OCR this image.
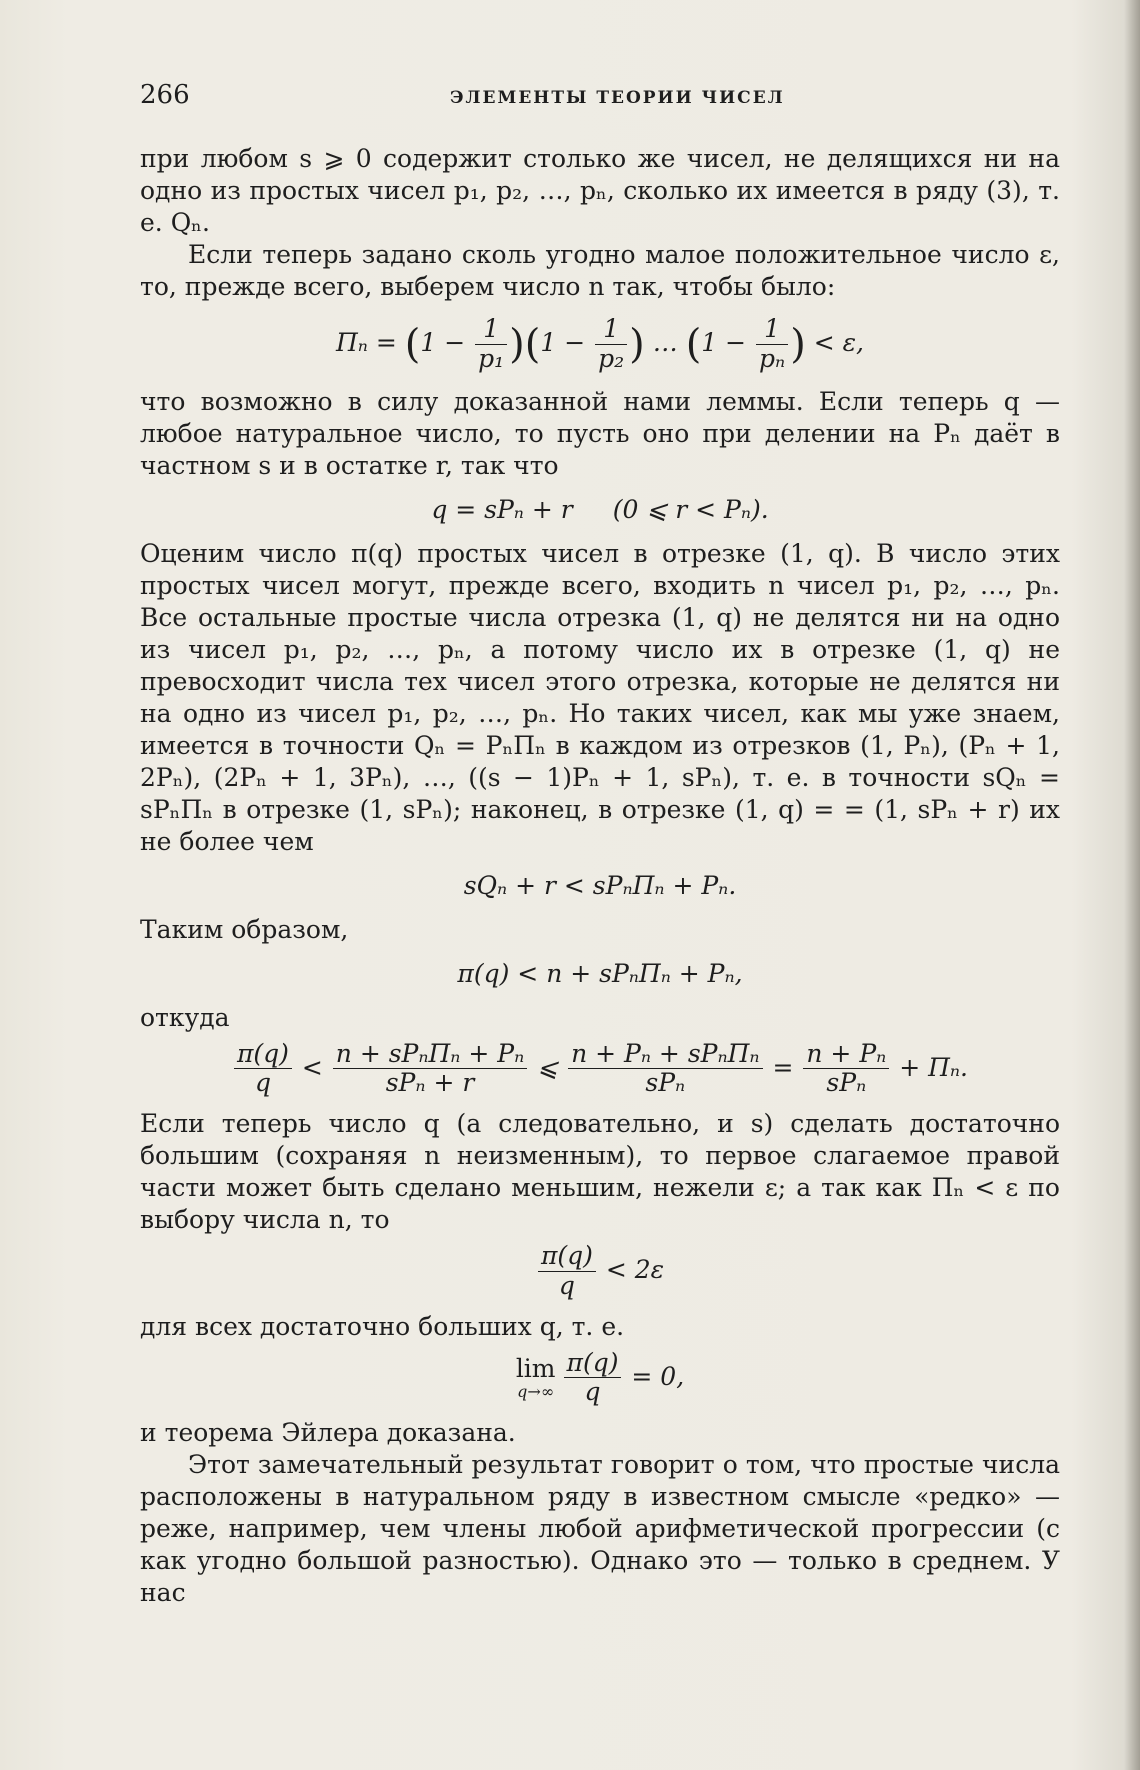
266	ЭЛЕМЕНТЫ ТЕОРИИ ЧИСЕЛ

при любом s ⩾ 0 содержит столько же чисел, не делящихся ни на одно из простых чисел p₁, p₂, …, pₙ, сколько их имеется в ряду (3), т. е. Qₙ.

Если теперь задано сколь угодно малое положительное число ε, то, прежде всего, выберем число n так, чтобы было:

$\Pi_n = (1 - \frac{1}{\text{p₁}} )(1 - \frac{1}{\text{p₂}}$ ) … ($1 - \frac{1}{\text{pₙ}}$ ) < ε,

что возможно в силу доказанной нами леммы. Если теперь q — любое натуральное число, то пусть оно при делении на Pₙ даёт в частном s и в остатке r, так что

q = sPₙ + r (0 ⩽ r < Pₙ).

Оценим число π(q) простых чисел в отрезке (1, q). В число этих простых чисел могут, прежде всего, входить n чисел p₁, p₂, …, pₙ. Все остальные простые числа отрезка (1, q) не делятся ни на одно из чисел p₁, p₂, …, pₙ, а потому число их в отрезке (1, q) не превосходит числа тех чисел этого отрезка, которые не делятся ни на одно из чисел p₁, p₂, …, pₙ. Но таких чисел, как мы уже знаем, имеется в точности Qₙ = PₙΠₙ в каждом из отрезков (1, Pₙ), (Pₙ + 1, 2Pₙ), (2Pₙ + 1, 3Pₙ), …, ((s − 1)Pₙ + 1, sPₙ), т. е. в точности sQₙ = sPₙΠₙ в отрезке (1, sPₙ); наконец, в отрезке (1, q) = = (1, sPₙ + r) их не более чем

sQₙ + r < sPₙΠₙ + Pₙ.

Таким образом,

π(q) < n + sPₙΠₙ + Pₙ,

откуда

$\frac{\pi(q)}{q} < \frac{\text{n + sPₙΠₙ + Pₙ}}{\text{sPₙ + r}}$ ⩽ $\frac{\text{n + Pₙ + sPₙΠₙ}}{\text{sPₙ}} = \frac{\text{n + Pₙ}}{\text{sPₙ}} + \Pi_n$.

Если теперь число q (а следовательно, и s) сделать достаточно большим (сохраняя n неизменным), то первое слагаемое правой части может быть сделано меньшим, нежели ε; а так как Πₙ < ε по выбору числа n, то

$\frac{\pi(q)}{q} < 2\varepsilon$

для всех достаточно больших q, т. е.

lim
$q\to\infty \frac{\pi(q)}{q} = 0$,

и теорема Эйлера доказана.

Этот замечательный результат говорит о том, что простые числа расположены в натуральном ряду в известном смысле «редко» — реже, например, чем члены любой арифметической прогрессии (с как угодно большой разностью). Однако это — только в среднем. У нас
